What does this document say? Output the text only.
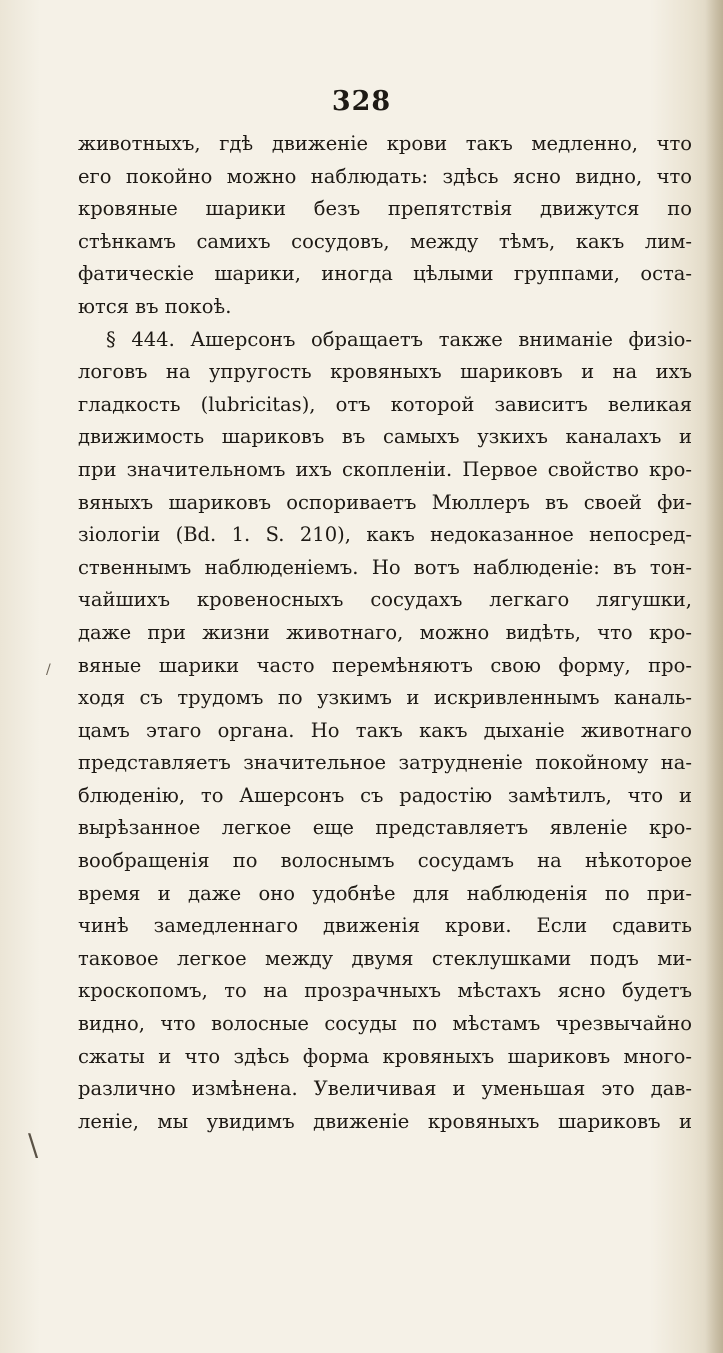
328
животныхъ, гдѣ движеніе крови такъ медленно, что
его покойно можно наблюдать: здѣсь ясно видно, что
кровяные шарики безъ препятствія движутся по
стѣнкамъ самихъ сосудовъ, между тѣмъ, какъ лим-
фатическіе шарики, иногда цѣлыми группами, оста-
ются въ покоѣ.
§ 444. Ашерсонъ обращаетъ также вниманіе физіо-
логовъ на упругость кровяныхъ шариковъ и на ихъ
гладкость (lubricitas), отъ которой зависитъ великая
движимость шариковъ въ самыхъ узкихъ каналахъ и
при значительномъ ихъ скопленіи. Первое свойство кро-
вяныхъ шариковъ оспориваетъ Мюллеръ въ своей фи-
зіологіи (Bd. 1. S. 210), какъ недоказанное непосред-
ственнымъ наблюденіемъ. Но вотъ наблюденіе: въ тон-
чайшихъ кровеносныхъ сосудахъ легкаго лягушки,
даже при жизни животнаго, можно видѣть, что кро-
вяные шарики часто перемѣняютъ свою форму, про-
ходя съ трудомъ по узкимъ и искривленнымъ каналь-
цамъ этаго органа. Но такъ какъ дыханіе животнаго
представляетъ значительное затрудненіе покойному на-
блюденію, то Ашерсонъ съ радостію замѣтилъ, что и
вырѣзанное легкое еще представляетъ явленіе кро-
вообращенія по волоснымъ сосудамъ на нѣкоторое
время и даже оно удобнѣе для наблюденія по при-
чинѣ замедленнаго движенія крови. Если сдавить
таковое легкое между двумя стеклушками подъ ми-
кроскопомъ, то на прозрачныхъ мѣстахъ ясно будетъ
видно, что волосные сосуды по мѣстамъ чрезвычайно
сжаты и что здѣсь форма кровяныхъ шариковъ много-
различно измѣнена. Увеличивая и уменьшая это дав-
леніе, мы увидимъ движеніе кровяныхъ шариковъ и
/
\
